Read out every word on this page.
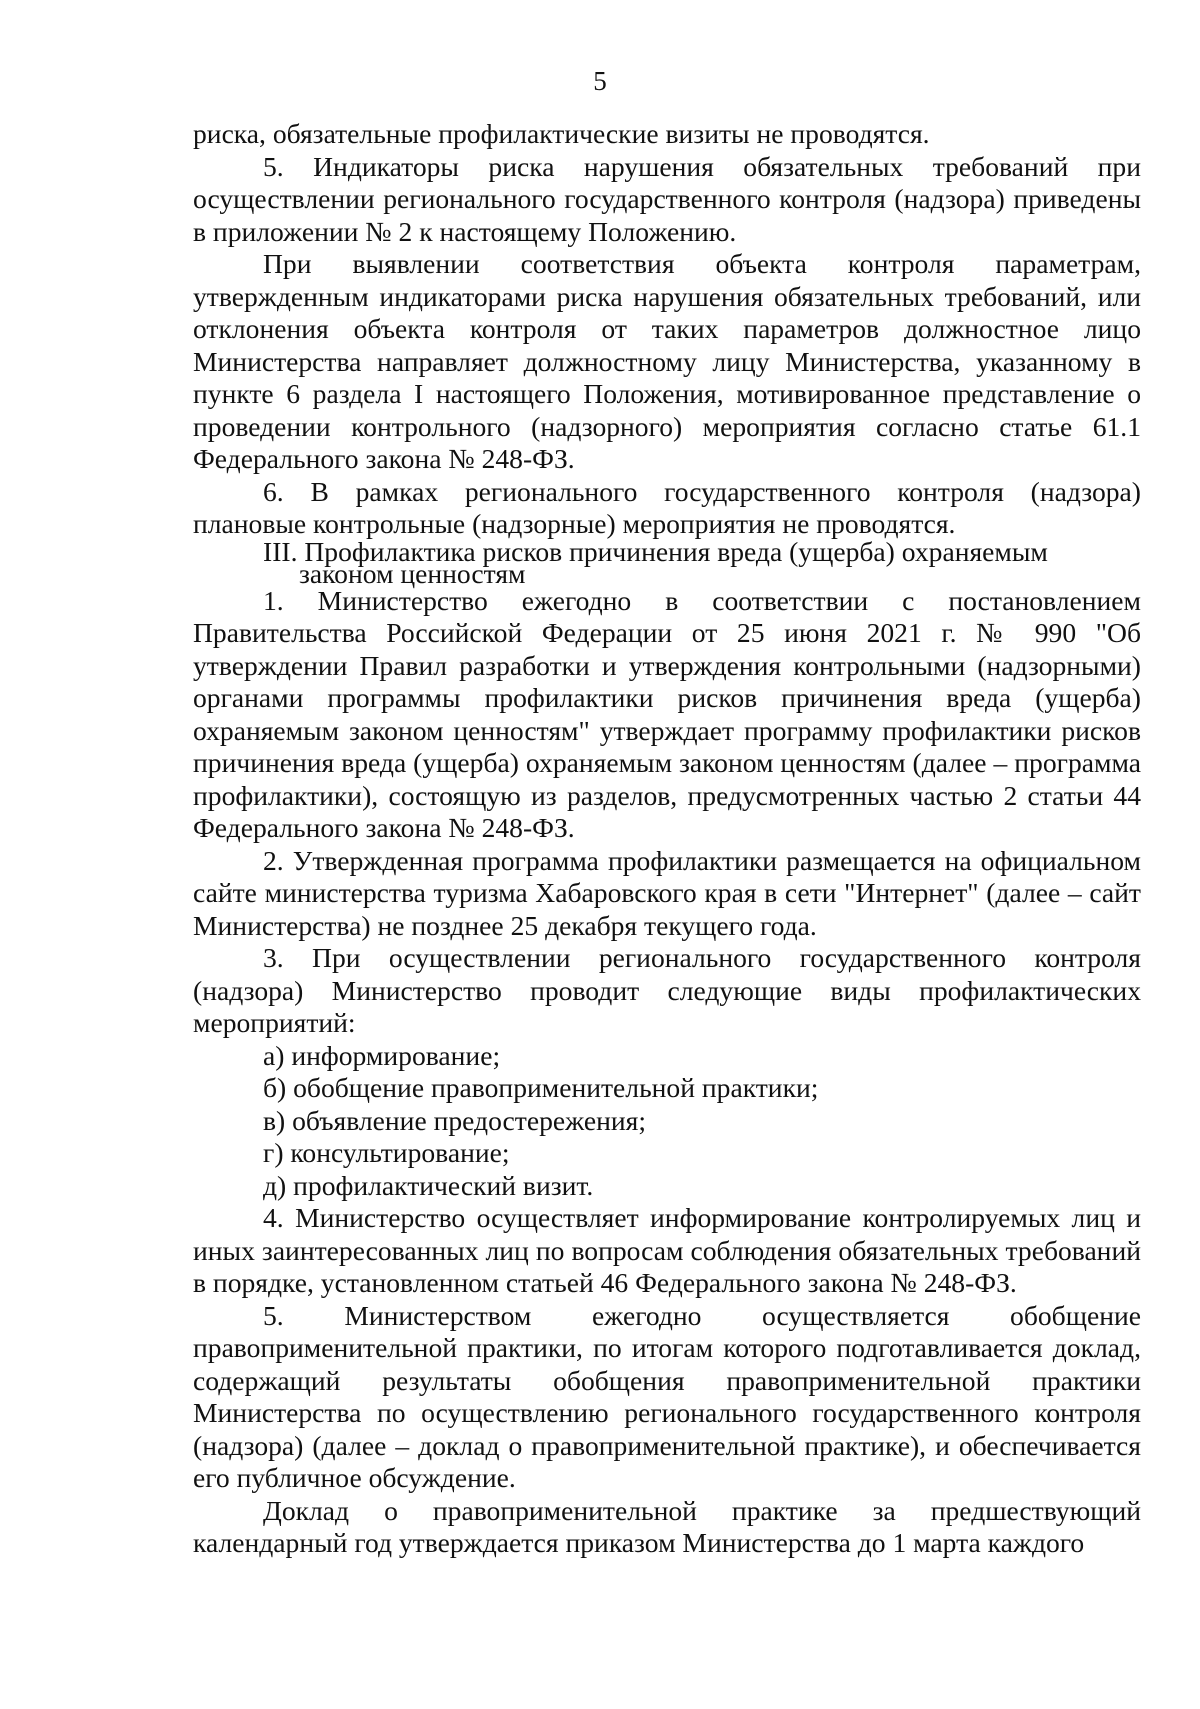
5

риска, обязательные профилактические визиты не проводятся.

5. Индикаторы риска нарушения обязательных требований при осуществлении регионального государственного контроля (надзора) приведены в приложении № 2 к настоящему Положению.

При выявлении соответствия объекта контроля параметрам, утвержденным индикаторами риска нарушения обязательных требований, или отклонения объекта контроля от таких параметров должностное лицо Министерства направляет должностному лицу Министерства, указанному в пункте 6 раздела I настоящего Положения, мотивированное представление о проведении контрольного (надзорного) мероприятия согласно статье 61.1 Федерального закона № 248-ФЗ.

6. В рамках регионального государственного контроля (надзора) плановые контрольные (надзорные) мероприятия не проводятся.

III. Профилактика рисков причинения вреда (ущерба) охраняемым
законом ценностям

1. Министерство ежегодно в соответствии с постановлением Правительства Российской Федерации от 25 июня 2021 г. № 990 "Об утверждении Правил разработки и утверждения контрольными (надзорными) органами программы профилактики рисков причинения вреда (ущерба) охраняемым законом ценностям" утверждает программу профилактики рисков причинения вреда (ущерба) охраняемым законом ценностям (далее – программа профилактики), состоящую из разделов, предусмотренных частью 2 статьи 44 Федерального закона № 248-ФЗ.

2. Утвержденная программа профилактики размещается на официальном сайте министерства туризма Хабаровского края в сети "Интернет" (далее – сайт Министерства) не позднее 25 декабря текущего года.

3. При осуществлении регионального государственного контроля (надзора) Министерство проводит следующие виды профилактических мероприятий:

а) информирование;

б) обобщение правоприменительной практики;

в) объявление предостережения;

г) консультирование;

д) профилактический визит.

4. Министерство осуществляет информирование контролируемых лиц и иных заинтересованных лиц по вопросам соблюдения обязательных требований в порядке, установленном статьей 46 Федерального закона № 248-ФЗ.

5. Министерством ежегодно осуществляется обобщение правоприменительной практики, по итогам которого подготавливается доклад, содержащий результаты обобщения правоприменительной практики Министерства по осуществлению регионального государственного контроля (надзора) (далее – доклад о правоприменительной практике), и обеспечивается его публичное обсуждение.

Доклад о правоприменительной практике за предшествующий календарный год утверждается приказом Министерства до 1 марта каждого
